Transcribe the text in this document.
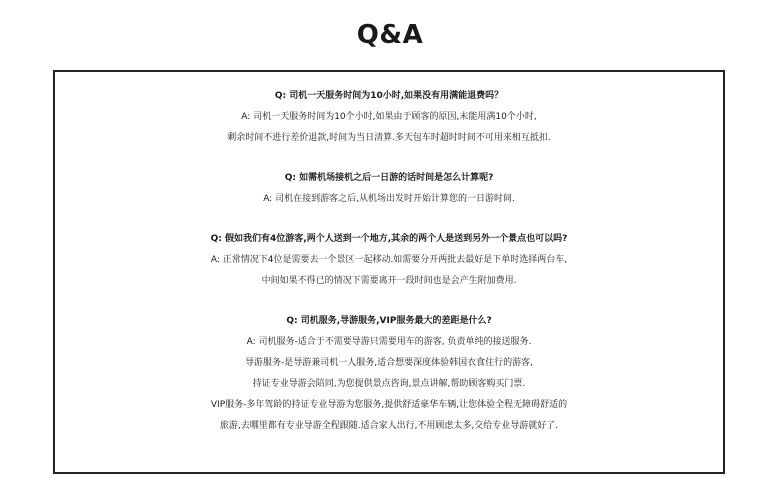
Q&A
Q: 司机一天服务时间为10小时,如果没有用满能退费吗？
A: 司机一天服务时间为10个小时,如果由于顾客的原因,未能用满10个小时,
剩余时间不进行差价退款,时间为当日清算.多天包车时超时时间不可用来相互抵扣.
Q: 如需机场接机之后一日游的话时间是怎么计算呢?
A: 司机在接到游客之后,从机场出发时开始计算您的一日游时间.
Q: 假如我们有4位游客,两个人送到一个地方,其余的两个人是送到另外一个景点也可以吗?
A: 正常情况下4位是需要去一个景区一起移动.如需要分开两批去最好是下单时选择两台车,
中间如果不得已的情况下需要离开一段时间也是会产生附加费用.
Q: 司机服务,导游服务,VIP服务最大的差距是什么?
A: 司机服务-适合于不需要导游只需要用车的游客, 负责单纯的接送服务.
导游服务-是导游兼司机一人服务,适合想要深度体验韩国衣食住行的游客,
持证专业导游会陪同,为您提供景点咨询,景点讲解,帮助顾客购买门票.
VIP服务-多年驾龄的持证专业导游为您服务,提供舒适豪华车辆,让您体验全程无障碍舒适的
旅游,去哪里都有专业导游全程跟随.适合家人出行,不用顾虑太多,交给专业导游就好了.
